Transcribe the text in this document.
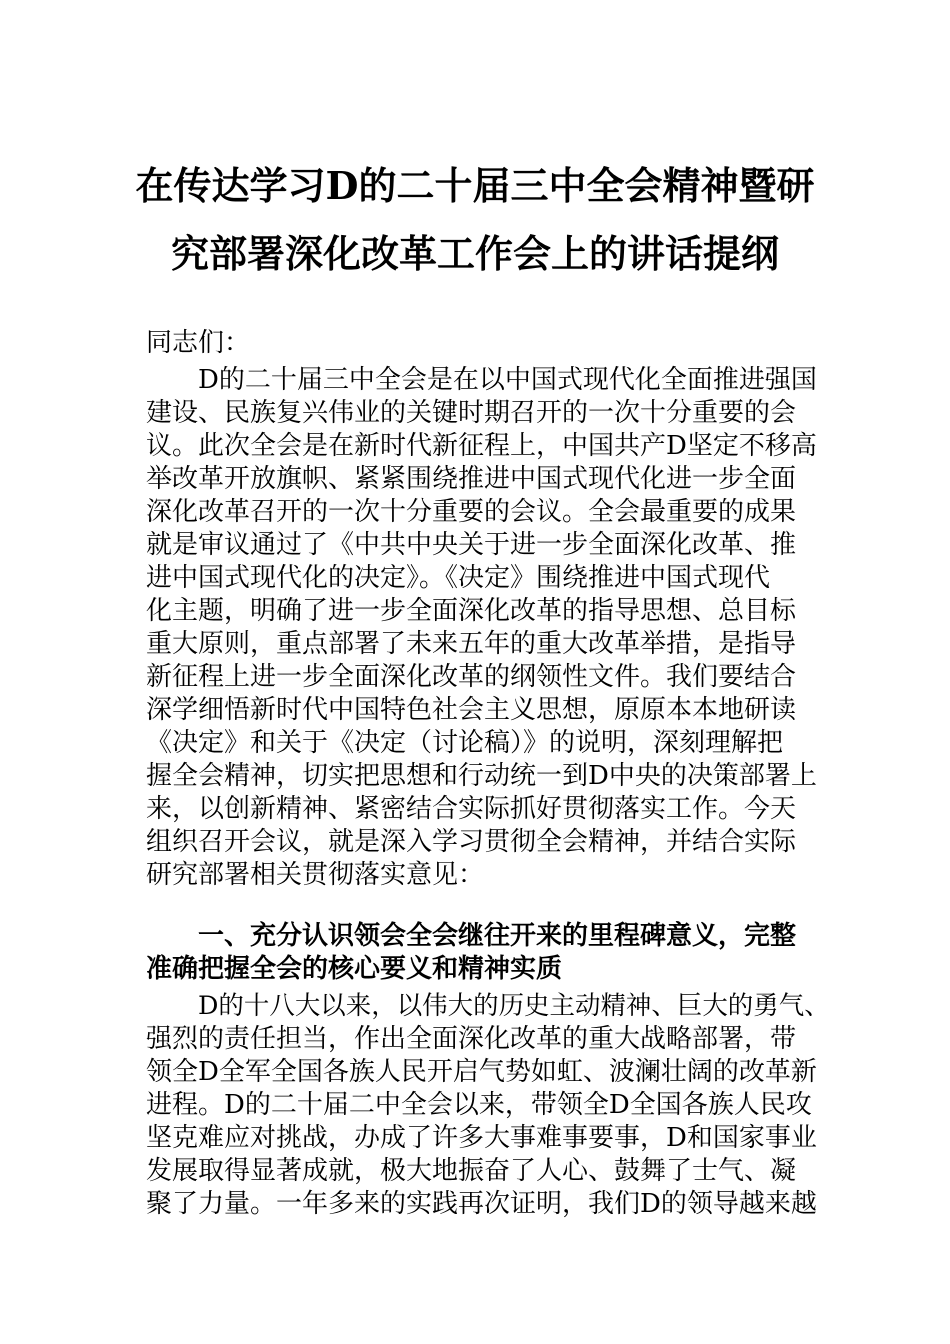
在传达学习D的二十届三中全会精神暨研
究部署深化改革工作会上的讲话提纲

同志们：

D的二十届三中全会是在以中国式现代化全面推进强国

建设、民族复兴伟业的关键时期召开的一次十分重要的会

议。此次全会是在新时代新征程上，中国共产D坚定不移高

举改革开放旗帜、紧紧围绕推进中国式现代化进一步全面

深化改革召开的一次十分重要的会议。全会最重要的成果

就是审议通过了《中共中央关于进一步全面深化改革、推

进中国式现代化的决定》。《决定》围绕推进中国式现代

化主题，明确了进一步全面深化改革的指导思想、总目标

重大原则，重点部署了未来五年的重大改革举措，是指导

新征程上进一步全面深化改革的纲领性文件。我们要结合

深学细悟新时代中国特色社会主义思想，原原本本地研读

《决定》和关于《决定（讨论稿）》的说明，深刻理解把

握全会精神，切实把思想和行动统一到D中央的决策部署上

来，以创新精神、紧密结合实际抓好贯彻落实工作。今天

组织召开会议，就是深入学习贯彻全会精神，并结合实际

研究部署相关贯彻落实意见：

一、充分认识领会全会继往开来的里程碑意义，完整

准确把握全会的核心要义和精神实质

D的十八大以来，以伟大的历史主动精神、巨大的勇气、

强烈的责任担当，作出全面深化改革的重大战略部署，带

领全D全军全国各族人民开启气势如虹、波澜壮阔的改革新

进程。D的二十届二中全会以来，带领全D全国各族人民攻

坚克难应对挑战，办成了许多大事难事要事，D和国家事业

发展取得显著成就，极大地振奋了人心、鼓舞了士气、凝

聚了力量。一年多来的实践再次证明，我们D的领导越来越
